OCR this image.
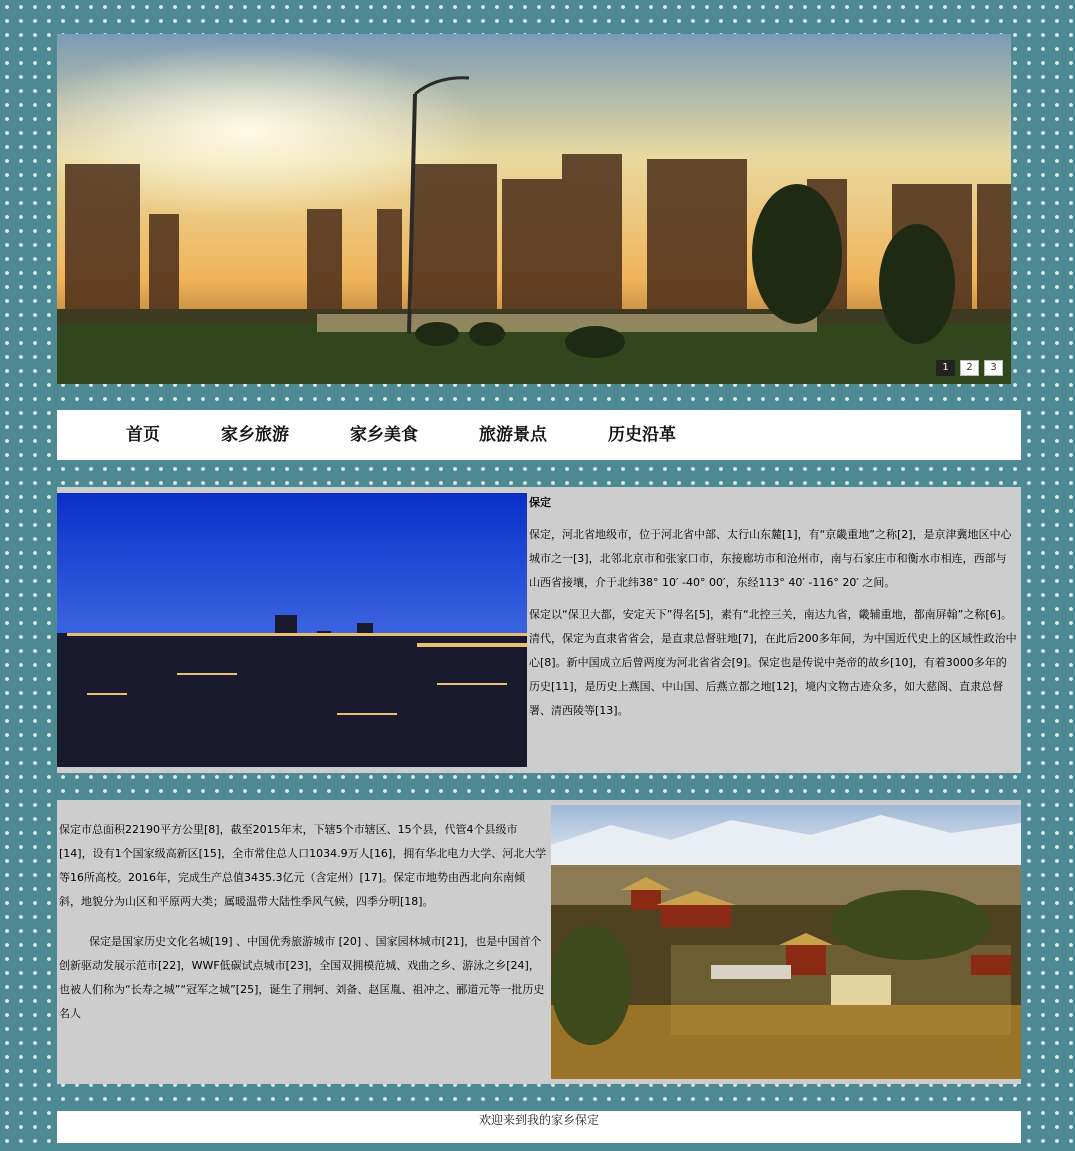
1	2	3
首页	家乡旅游	家乡美食	旅游景点	历史沿革

保定

保定，河北省地级市，位于河北省中部、太行山东麓[1]，有“京畿重地”之称[2]，是京津冀地区中心城市之一[3]，北邻北京市和张家口市，东接廊坊市和沧州市，南与石家庄市和衡水市相连，西部与山西省接壤，介于北纬38° 10′ -40° 00′，东经113° 40′ -116° 20′ 之间。

保定以“保卫大都，安定天下”得名[5]，素有“北控三关，南达九省，畿辅重地，都南屏翰”之称[6]。清代，保定为直隶省省会，是直隶总督驻地[7]，在此后200多年间，为中国近代史上的区域性政治中心[8]。新中国成立后曾两度为河北省省会[9]。保定也是传说中尧帝的故乡[10]，有着3000多年的历史[11]，是历史上燕国、中山国、后燕立都之地[12]，境内文物古迹众多，如大慈阁、直隶总督署、清西陵等[13]。

保定市总面积22190平方公里[8]，截至2015年末，下辖5个市辖区、15个县，代管4个县级市[14]，设有1个国家级高新区[15]，全市常住总人口1034.9万人[16]，拥有华北电力大学、河北大学等16所高校。2016年，完成生产总值3435.3亿元（含定州）[17]。保定市地势由西北向东南倾斜，地貌分为山区和平原两大类；属暖温带大陆性季风气候，四季分明[18]。

保定是国家历史文化名城[19] 、中国优秀旅游城市 [20] 、国家园林城市[21]，也是中国首个创新驱动发展示范市[22]，WWF低碳试点城市[23]，全国双拥模范城、戏曲之乡、游泳之乡[24]，也被人们称为“长寿之城”“冠军之城”[25]，诞生了荆轲、刘备、赵匡胤、祖冲之、郦道元等一批历史名人

欢迎来到我的家乡保定
